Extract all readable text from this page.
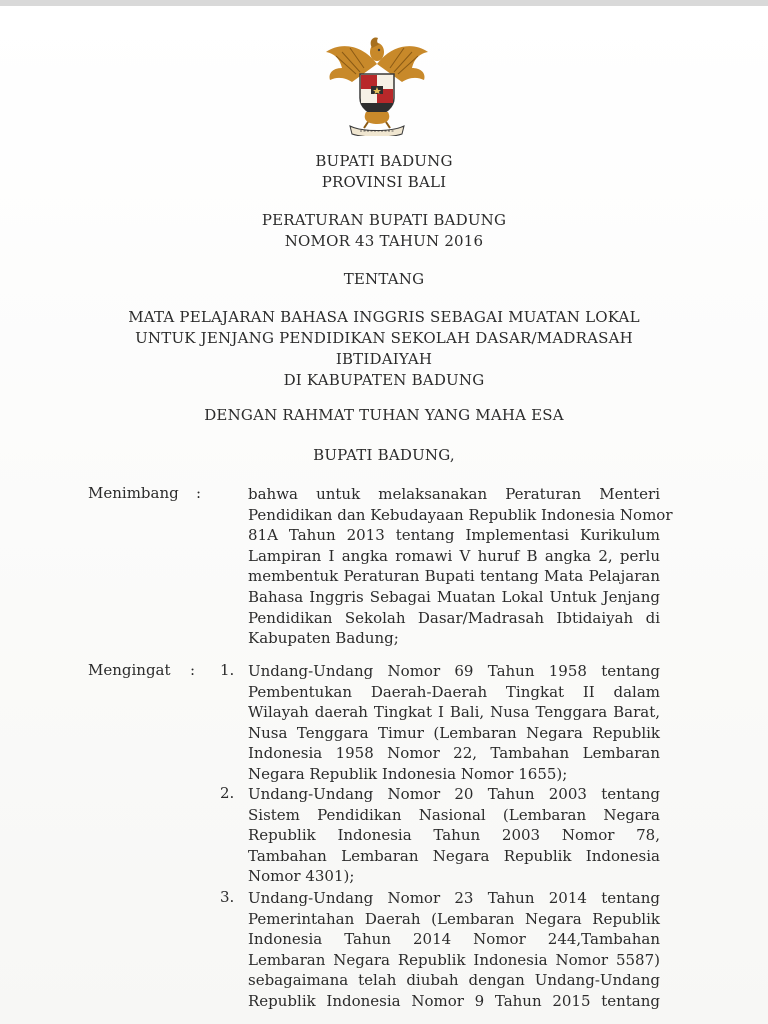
BUPATI BADUNG
PROVINSI BALI
PERATURAN BUPATI BADUNG
NOMOR 43 TAHUN 2016
TENTANG
MATA PELAJARAN BAHASA INGGRIS SEBAGAI MUATAN LOKAL
UNTUK JENJANG PENDIDIKAN SEKOLAH DASAR/MADRASAH
IBTIDAIYAH
DI KABUPATEN BADUNG
DENGAN RAHMAT TUHAN YANG MAHA ESA
BUPATI BADUNG,
Menimbang :	bahwa untuk melaksanakan Peraturan Menteri
Pendidikan dan Kebudayaan Republik Indonesia Nomor
81A Tahun 2013 tentang Implementasi Kurikulum
Lampiran I angka romawi V huruf B angka 2, perlu
membentuk Peraturan Bupati tentang Mata Pelajaran
Bahasa Inggris Sebagai Muatan Lokal Untuk Jenjang
Pendidikan Sekolah Dasar/Madrasah Ibtidaiyah di
Kabupaten Badung;
Mengingat : 1. Undang-Undang Nomor 69 Tahun 1958 tentang
Pembentukan Daerah-Daerah Tingkat II dalam
Wilayah daerah Tingkat I Bali, Nusa Tenggara Barat,
Nusa Tenggara Timur (Lembaran Negara Republik
Indonesia 1958 Nomor 22, Tambahan Lembaran
Negara Republik Indonesia Nomor 1655);
2. Undang-Undang Nomor 20 Tahun 2003 tentang
Sistem Pendidikan Nasional (Lembaran Negara
Republik Indonesia Tahun 2003 Nomor 78,
Tambahan Lembaran Negara Republik Indonesia
Nomor 4301);
3. Undang-Undang Nomor 23 Tahun 2014 tentang
Pemerintahan Daerah (Lembaran Negara Republik
Indonesia Tahun 2014 Nomor 244,Tambahan
Lembaran Negara Republik Indonesia Nomor 5587)
sebagaimana telah diubah dengan Undang-Undang
Republik Indonesia Nomor 9 Tahun 2015 tentang
